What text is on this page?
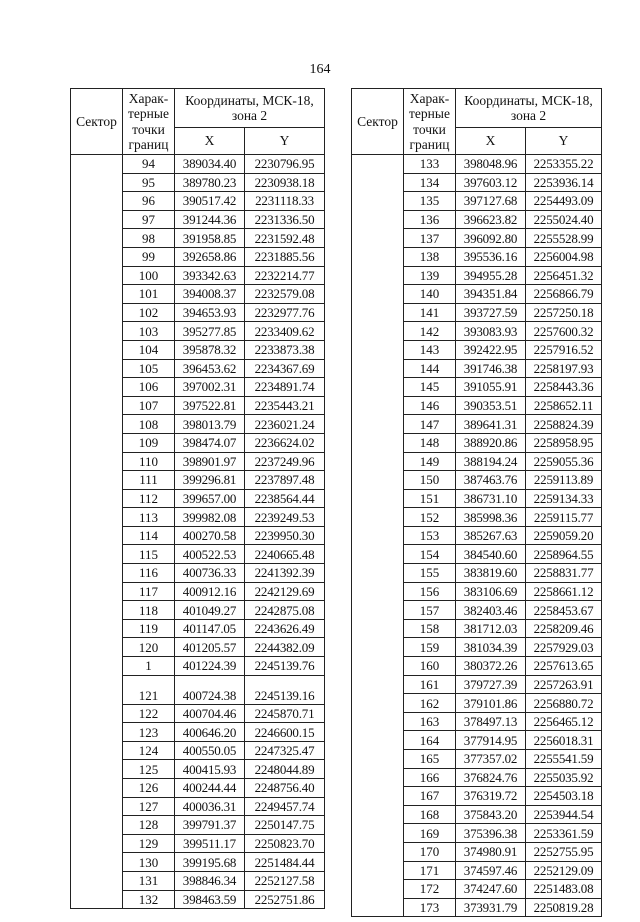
164
Сектор	Харак-терные точки границ	Координаты, МСК-18, зона 2	
		X	Y
	94	389034.40	2230796.95
	95	389780.23	2230938.18
	96	390517.42	2231118.33
	97	391244.36	2231336.50
	98	391958.85	2231592.48
	99	392658.86	2231885.56
	100	393342.63	2232214.77
	101	394008.37	2232579.08
	102	394653.93	2232977.76
	103	395277.85	2233409.62
	104	395878.32	2233873.38
	105	396453.62	2234367.69
	106	397002.31	2234891.74
	107	397522.81	2235443.21
	108	398013.79	2236021.24
	109	398474.07	2236624.02
	110	398901.97	2237249.96
	111	399296.81	2237897.48
	112	399657.00	2238564.44
	113	399982.08	2239249.53
	114	400270.58	2239950.30
	115	400522.53	2240665.48
	116	400736.33	2241392.39
	117	400912.16	2242129.69
	118	401049.27	2242875.08
	119	401147.05	2243626.49
	120	401205.57	2244382.09
	1	401224.39	2245139.76
	121	400724.38	2245139.16
	122	400704.46	2245870.71
	123	400646.20	2246600.15
	124	400550.05	2247325.47
	125	400415.93	2248044.89
	126	400244.44	2248756.40
	127	400036.31	2249457.74
	128	399791.37	2250147.75
	129	399511.17	2250823.70
	130	399195.68	2251484.44
	131	398846.34	2252127.58
	132	398463.59	2252751.86
Сектор	Харак-терные точки границ	Координаты, МСК-18, зона 2	
		X	Y
	133	398048.96	2253355.22
	134	397603.12	2253936.14
	135	397127.68	2254493.09
	136	396623.82	2255024.40
	137	396092.80	2255528.99
	138	395536.16	2256004.98
	139	394955.28	2256451.32
	140	394351.84	2256866.79
	141	393727.59	2257250.18
	142	393083.93	2257600.32
	143	392422.95	2257916.52
	144	391746.38	2258197.93
	145	391055.91	2258443.36
	146	390353.51	2258652.11
	147	389641.31	2258824.39
	148	388920.86	2258958.95
	149	388194.24	2259055.36
	150	387463.76	2259113.89
	151	386731.10	2259134.33
	152	385998.36	2259115.77
	153	385267.63	2259059.20
	154	384540.60	2258964.55
	155	383819.60	2258831.77
	156	383106.69	2258661.12
	157	382403.46	2258453.67
	158	381712.03	2258209.46
	159	381034.39	2257929.03
	160	380372.26	2257613.65
	161	379727.39	2257263.91
	162	379101.86	2256880.72
	163	378497.13	2256465.12
	164	377914.95	2256018.31
	165	377357.02	2255541.59
	166	376824.76	2255035.92
	167	376319.72	2254503.18
	168	375843.20	2253944.54
	169	375396.38	2253361.59
	170	374980.91	2252755.95
	171	374597.46	2252129.09
	172	374247.60	2251483.08
	173	373931.79	2250819.28
